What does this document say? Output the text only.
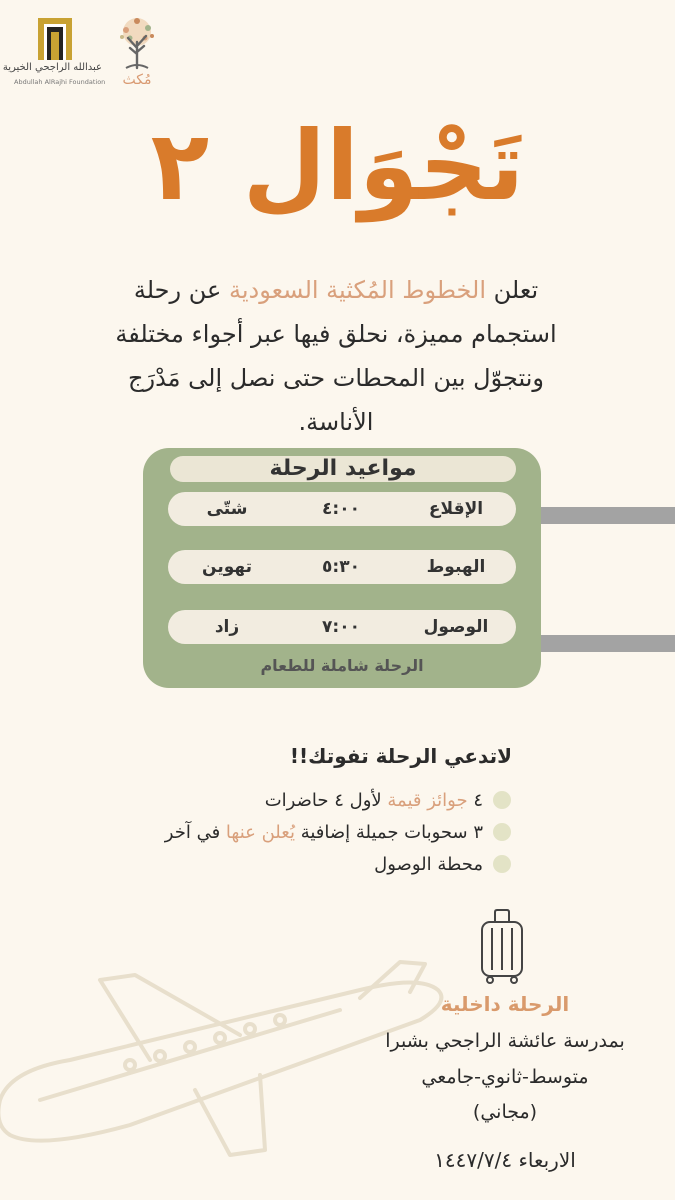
عبدالله الراجحي الخيرية
Abdullah AlRajhi Foundation	مُكث
تَجْوَال ٢
تعلن الخطوط المُكثية السعودية عن رحلة استجمام مميزة، نحلق فيها عبر أجواء مختلفة ونتجوّل بين المحطات حتى نصل إلى مَدْرَج الأناسة.
مواعيد الرحلة
الإقلاع
٤:٠٠
شتّى
الهبوط
٥:٣٠
تهوين
الوصول
٧:٠٠
زاد
الرحلة شاملة للطعام
لاتدعي الرحلة تفوتك!!
٤

جوائز قيمة

لأول ٤ حاضرات
٣ سحوبات جميلة إضافية

يُعلن عنها

في آخر
محطة الوصول
الرحلة داخلية
بمدرسة عائشة الراجحي بشبرا
متوسط-ثانوي-جامعي
(مجاني)
الاربعاء ١٤٤٧/٧/٤
